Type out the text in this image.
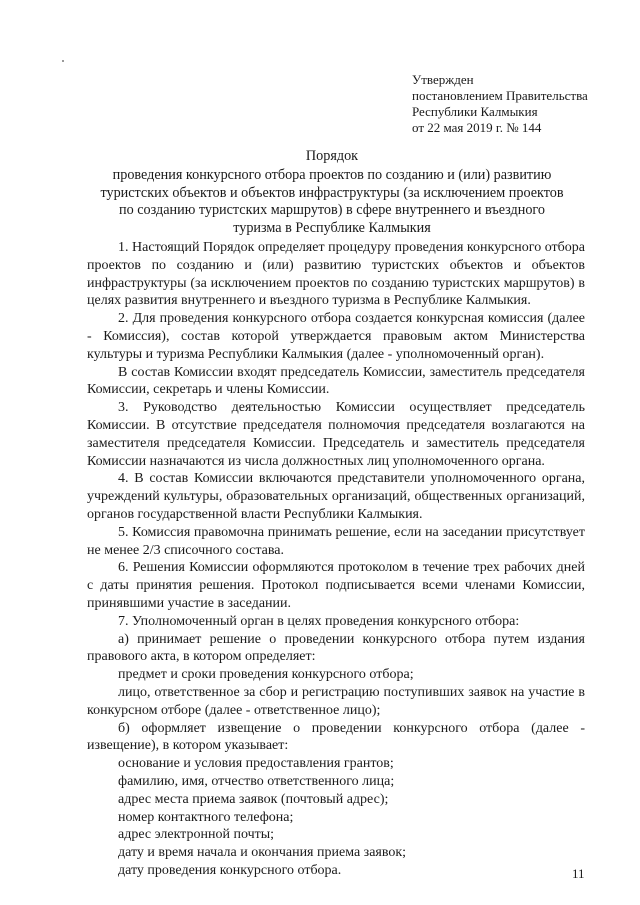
Утвержден
постановлением Правительства
Республики Калмыкия
от 22 мая 2019 г. № 144
Порядок
проведения конкурсного отбора проектов по созданию и (или) развитию туристских объектов и объектов инфраструктуры (за исключением проектов по созданию туристских маршрутов) в сфере внутреннего и въездного туризма в Республике Калмыкия

1. Настоящий Порядок определяет процедуру проведения конкурсного отбора проектов по созданию и (или) развитию туристских объектов и объектов инфраструктуры (за исключением проектов по созданию туристских маршрутов) в целях развития внутреннего и въездного туризма в Республике Калмыкия.

2. Для проведения конкурсного отбора создается конкурсная комиссия (далее - Комиссия), состав которой утверждается правовым актом Министерства культуры и туризма Республики Калмыкия (далее - уполномоченный орган).

В состав Комиссии входят председатель Комиссии, заместитель председателя Комиссии, секретарь и члены Комиссии.

3. Руководство деятельностью Комиссии осуществляет председатель Комиссии. В отсутствие председателя полномочия председателя возлагаются на заместителя председателя Комиссии. Председатель и заместитель председателя Комиссии назначаются из числа должностных лиц уполномоченного органа.

4. В состав Комиссии включаются представители уполномоченного органа, учреждений культуры, образовательных организаций, общественных организаций, органов государственной власти Республики Калмыкия.

5. Комиссия правомочна принимать решение, если на заседании присутствует не менее 2/3 списочного состава.

6. Решения Комиссии оформляются протоколом в течение трех рабочих дней с даты принятия решения. Протокол подписывается всеми членами Комиссии, принявшими участие в заседании.

7. Уполномоченный орган в целях проведения конкурсного отбора:

а) принимает решение о проведении конкурсного отбора путем издания правового акта, в котором определяет:

предмет и сроки проведения конкурсного отбора;

лицо, ответственное за сбор и регистрацию поступивших заявок на участие в конкурсном отборе (далее - ответственное лицо);

б) оформляет извещение о проведении конкурсного отбора (далее - извещение), в котором указывает:

основание и условия предоставления грантов;

фамилию, имя, отчество ответственного лица;

адрес места приема заявок (почтовый адрес);

номер контактного телефона;

адрес электронной почты;

дату и время начала и окончания приема заявок;

дату проведения конкурсного отбора.	11
